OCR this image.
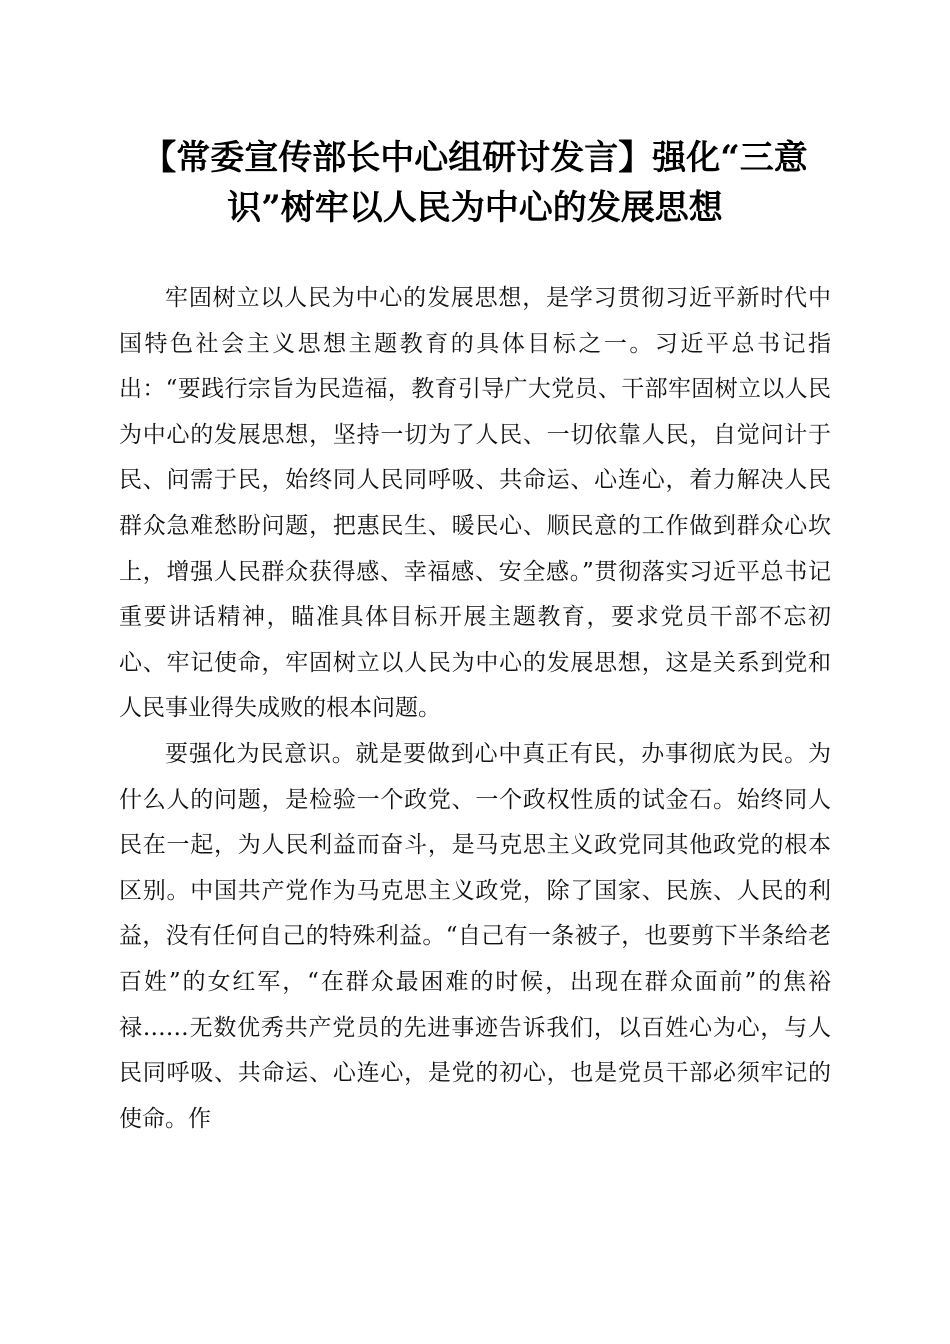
【常委宣传部长中心组研讨发言】强化“三意
识”树牢以人民为中心的发展思想

牢固树立以人民为中心的发展思想，是学习贯彻习近平新时代中国特色社会主义思想主题教育的具体目标之一。习近平总书记指出：“要践行宗旨为民造福，教育引导广大党员、干部牢固树立以人民为中心的发展思想，坚持一切为了人民、一切依靠人民，自觉问计于民、问需于民，始终同人民同呼吸、共命运、心连心，着力解决人民群众急难愁盼问题，把惠民生、暖民心、顺民意的工作做到群众心坎上，增强人民群众获得感、幸福感、安全感。”贯彻落实习近平总书记重要讲话精神，瞄准具体目标开展主题教育，要求党员干部不忘初心、牢记使命，牢固树立以人民为中心的发展思想，这是关系到党和人民事业得失成败的根本问题。

要强化为民意识。就是要做到心中真正有民，办事彻底为民。为什么人的问题，是检验一个政党、一个政权性质的试金石。始终同人民在一起，为人民利益而奋斗，是马克思主义政党同其他政党的根本区别。中国共产党作为马克思主义政党，除了国家、民族、人民的利益，没有任何自己的特殊利益。“自己有一条被子，也要剪下半条给老百姓”的女红军，“在群众最困难的时候，出现在群众面前”的焦裕禄……无数优秀共产党员的先进事迹告诉我们，以百姓心为心，与人民同呼吸、共命运、心连心，是党的初心，也是党员干部必须牢记的使命。作
